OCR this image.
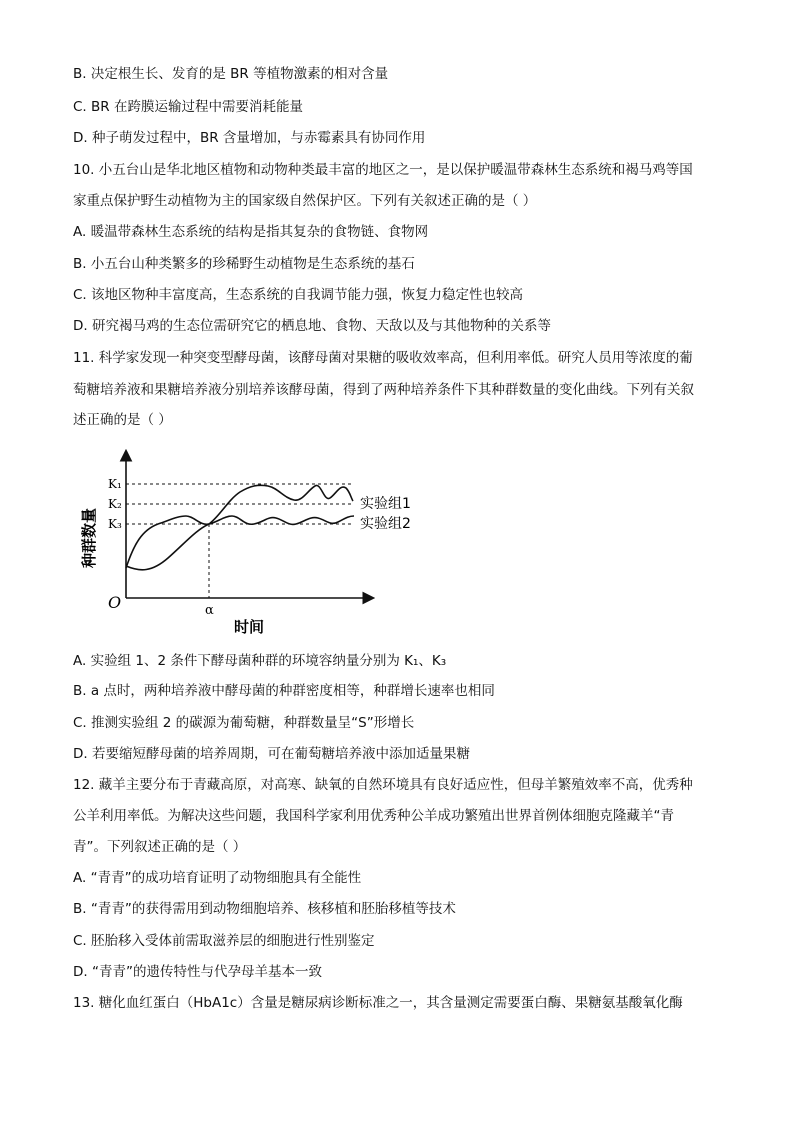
B. 决定根生长、发育的是 BR 等植物激素的相对含量
C. BR 在跨膜运输过程中需要消耗能量
D. 种子萌发过程中，BR 含量增加，与赤霉素具有协同作用
10. 小五台山是华北地区植物和动物种类最丰富的地区之一，是以保护暖温带森林生态系统和褐马鸡等国
家重点保护野生动植物为主的国家级自然保护区。下列有关叙述正确的是（ ）
A. 暖温带森林生态系统的结构是指其复杂的食物链、食物网
B. 小五台山种类繁多的珍稀野生动植物是生态系统的基石
C. 该地区物种丰富度高，生态系统的自我调节能力强，恢复力稳定性也较高
D. 研究褐马鸡的生态位需研究它的栖息地、食物、天敌以及与其他物种的关系等
11. 科学家发现一种突变型酵母菌，该酵母菌对果糖的吸收效率高，但利用率低。研究人员用等浓度的葡
萄糖培养液和果糖培养液分别培养该酵母菌，得到了两种培养条件下其种群数量的变化曲线。下列有关叙
述正确的是（ ）
K₁
K₂
K₃
O	α
时间
实验组1
实验组2
种群数量
A. 实验组 1、2 条件下酵母菌种群的环境容纳量分别为 K₁、K₃
B. a 点时，两种培养液中酵母菌的种群密度相等，种群增长速率也相同
C. 推测实验组 2 的碳源为葡萄糖，种群数量呈“S”形增长
D. 若要缩短酵母菌的培养周期，可在葡萄糖培养液中添加适量果糖
12. 藏羊主要分布于青藏高原，对高寒、缺氧的自然环境具有良好适应性，但母羊繁殖效率不高，优秀种
公羊利用率低。为解决这些问题，我国科学家利用优秀种公羊成功繁殖出世界首例体细胞克隆藏羊“青
青”。下列叙述正确的是（ ）
A. “青青”的成功培育证明了动物细胞具有全能性
B. “青青”的获得需用到动物细胞培养、核移植和胚胎移植等技术
C. 胚胎移入受体前需取滋养层的细胞进行性别鉴定
D. “青青”的遗传特性与代孕母羊基本一致
13. 糖化血红蛋白（HbA1c）含量是糖尿病诊断标准之一，其含量测定需要蛋白酶、果糖氨基酸氧化酶
